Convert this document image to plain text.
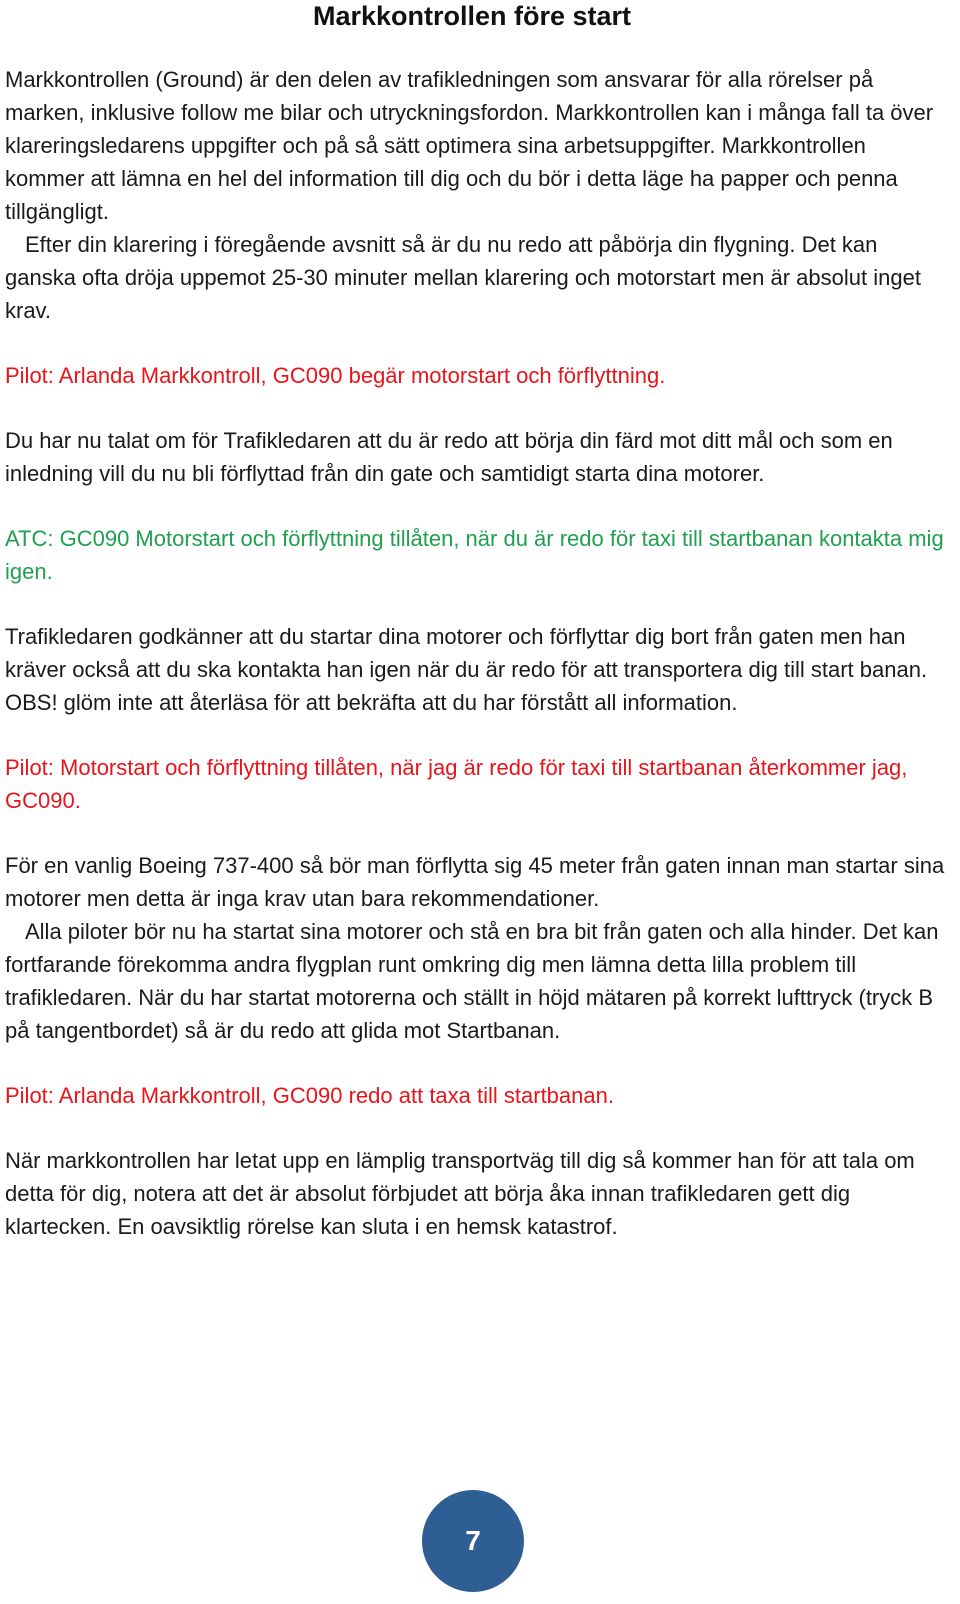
Markkontrollen före start

Markkontrollen (Ground) är den delen av trafikledningen som ansvarar för alla rörelser på marken, inklusive follow me bilar och utryckningsfordon. Markkontrollen kan i många fall ta över klareringsledarens uppgifter och på så sätt optimera sina arbetsuppgifter. Markkontrollen kommer att lämna en hel del information till dig och du bör i detta läge ha papper och penna tillgängligt.
Efter din klarering i föregående avsnitt så är du nu redo att påbörja din flygning. Det kan ganska ofta dröja uppemot 25-30 minuter mellan klarering och motorstart men är absolut inget krav.

Pilot: Arlanda Markkontroll, GC090 begär motorstart och förflyttning.

Du har nu talat om för Trafikledaren att du är redo att börja din färd mot ditt mål och som en inledning vill du nu bli förflyttad från din gate och samtidigt starta dina motorer.

ATC: GC090 Motorstart och förflyttning tillåten, när du är redo för taxi till startbanan kontakta mig igen.

Trafikledaren godkänner att du startar dina motorer och förflyttar dig bort från gaten men han kräver också att du ska kontakta han igen när du är redo för att transportera dig till start banan. OBS! glöm inte att återläsa för att bekräfta att du har förstått all information.

Pilot: Motorstart och förflyttning tillåten, när jag är redo för taxi till startbanan återkommer jag, GC090.

För en vanlig Boeing 737-400 så bör man förflytta sig 45 meter från gaten innan man startar sina motorer men detta är inga krav utan bara rekommendationer.
Alla piloter bör nu ha startat sina motorer och stå en bra bit från gaten och alla hinder. Det kan fortfarande förekomma andra flygplan runt omkring dig men lämna detta lilla problem till trafikledaren. När du har startat motorerna och ställt in höjd mätaren på korrekt lufttryck (tryck B på tangentbordet) så är du redo att glida mot Startbanan.

Pilot: Arlanda Markkontroll, GC090 redo att taxa till startbanan.

När markkontrollen har letat upp en lämplig transportväg till dig så kommer han för att tala om detta för dig, notera att det är absolut förbjudet att börja åka innan trafikledaren gett dig klartecken. En oavsiktlig rörelse kan sluta i en hemsk katastrof.

7
